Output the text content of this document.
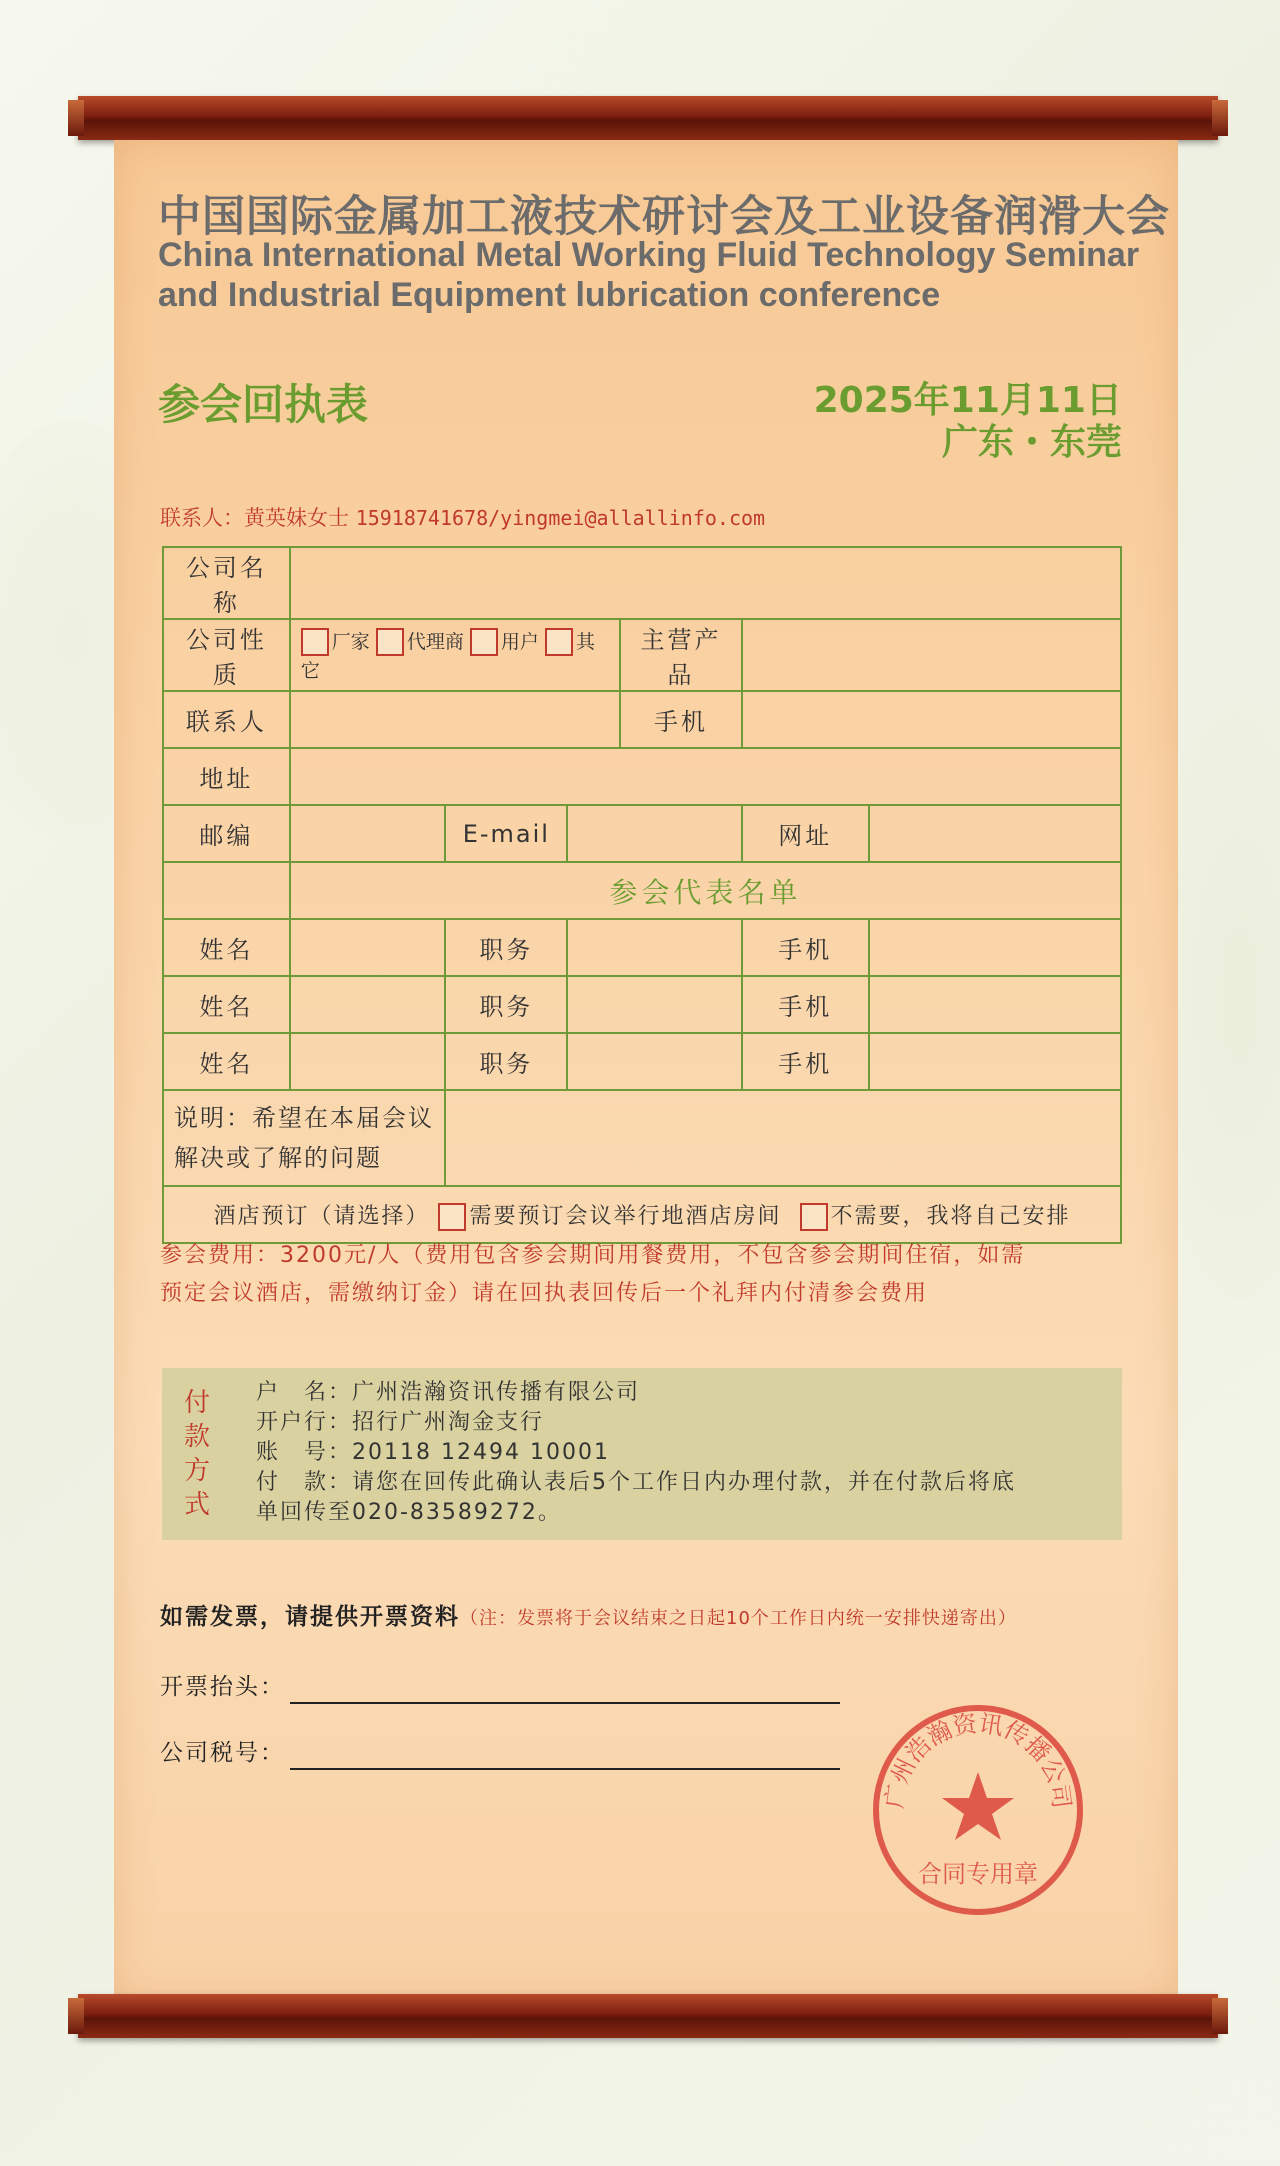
中国国际金属加工液技术研讨会及工业设备润滑大会
China International Metal Working Fluid Technology Seminar
and Industrial Equipment lubrication conference
参会回执表	2025年11月11日
广东・东莞
联系人：黄英妹女士 15918741678/yingmei@allallinfo.com
公司名称						
公司性质	厂家 代理商 用户 其它			主营产品		
联系人				手机		
地址						
邮编		E-mail			网址	
	参会代表名单					
姓名		职务			手机	
姓名		职务			手机	
姓名		职务			手机	

说明：希望在本届会议
解决或了解的问题						

酒店预订（请选择） 需要预订会议举行地酒店房间 不需要，我将自己安排						
参会费用：3200元/人（费用包含参会期间用餐费用，不包含参会期间住宿，如需
预定会议酒店，需缴纳订金）请在回执表回传后一个礼拜内付清参会费用
付款方式
户　名：广州浩瀚资讯传播有限公司
开户行：招行广州淘金支行
账　号：20118 12494 10001
付　款：请您在回传此确认表后5个工作日内办理付款，并在付款后将底
单回传至020-83589272。
如需发票，请提供开票资料（注：发票将于会议结束之日起10个工作日内统一安排快递寄出）
开票抬头：
公司税号：
广州浩瀚资讯传播公司
合同专用章
